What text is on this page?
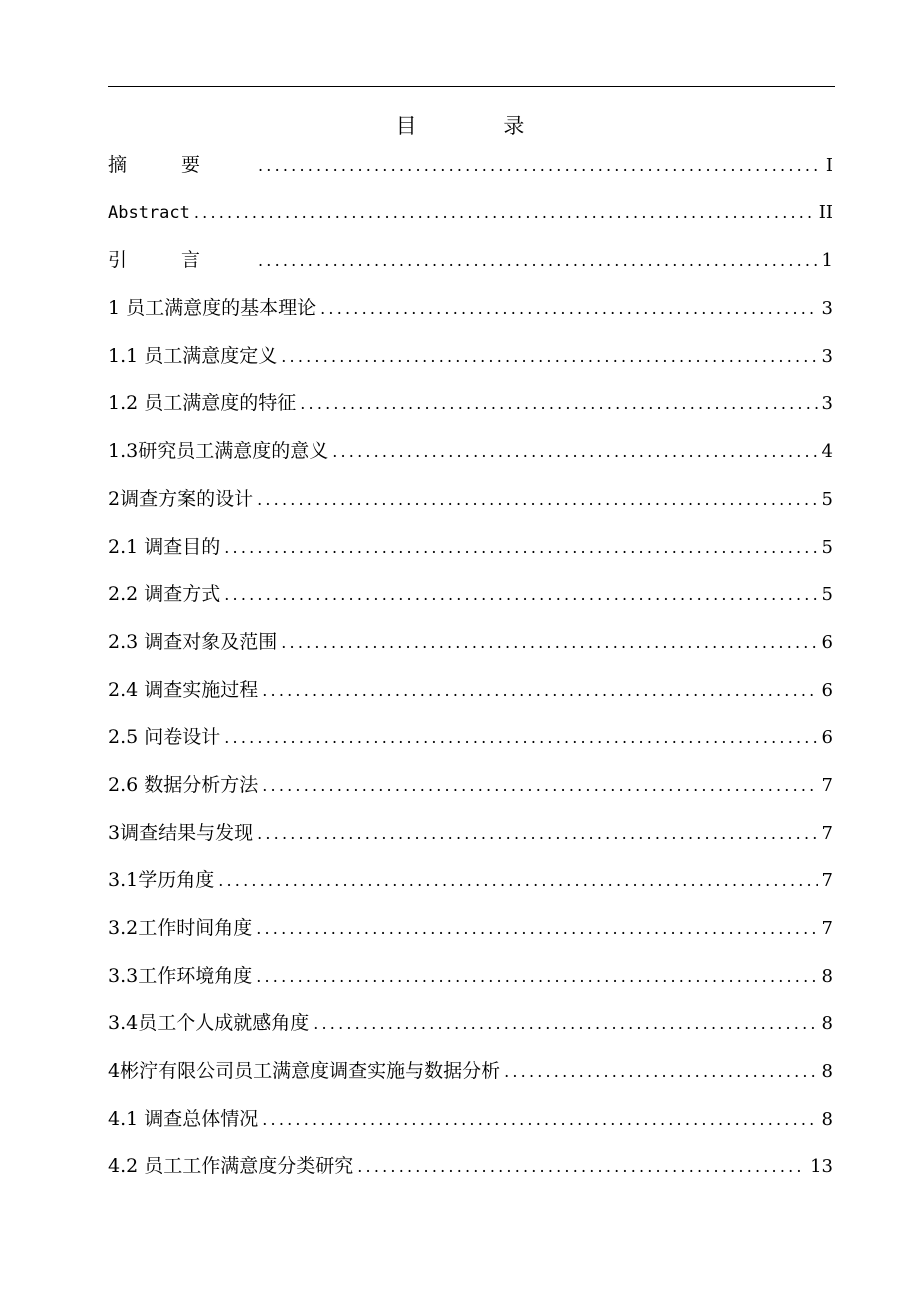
目 录
摘要 .....	I
Abstract .....	II
引言 .....	1
1 员工满意度的基本理论 .....	3
1.1 员工满意度定义 .....	3
1.2 员工满意度的特征 .....	3
1.3研究员工满意度的意义 .....	4
2调查方案的设计 .....	5
2.1 调查目的 .....	5
2.2 调查方式 .....	5
2.3 调查对象及范围 .....	6
2.4 调查实施过程 .....	6
2.5 问卷设计 .....	6
2.6 数据分析方法 .....	7
3调查结果与发现 .....	7
3.1学历角度 .....	7
3.2工作时间角度 .....	7
3.3工作环境角度 .....	8
3.4员工个人成就感角度 .....	8
4彬泞有限公司员工满意度调查实施与数据分析 .....	8
4.1 调查总体情况 .....	8
4.2 员工工作满意度分类研究 .....	13
